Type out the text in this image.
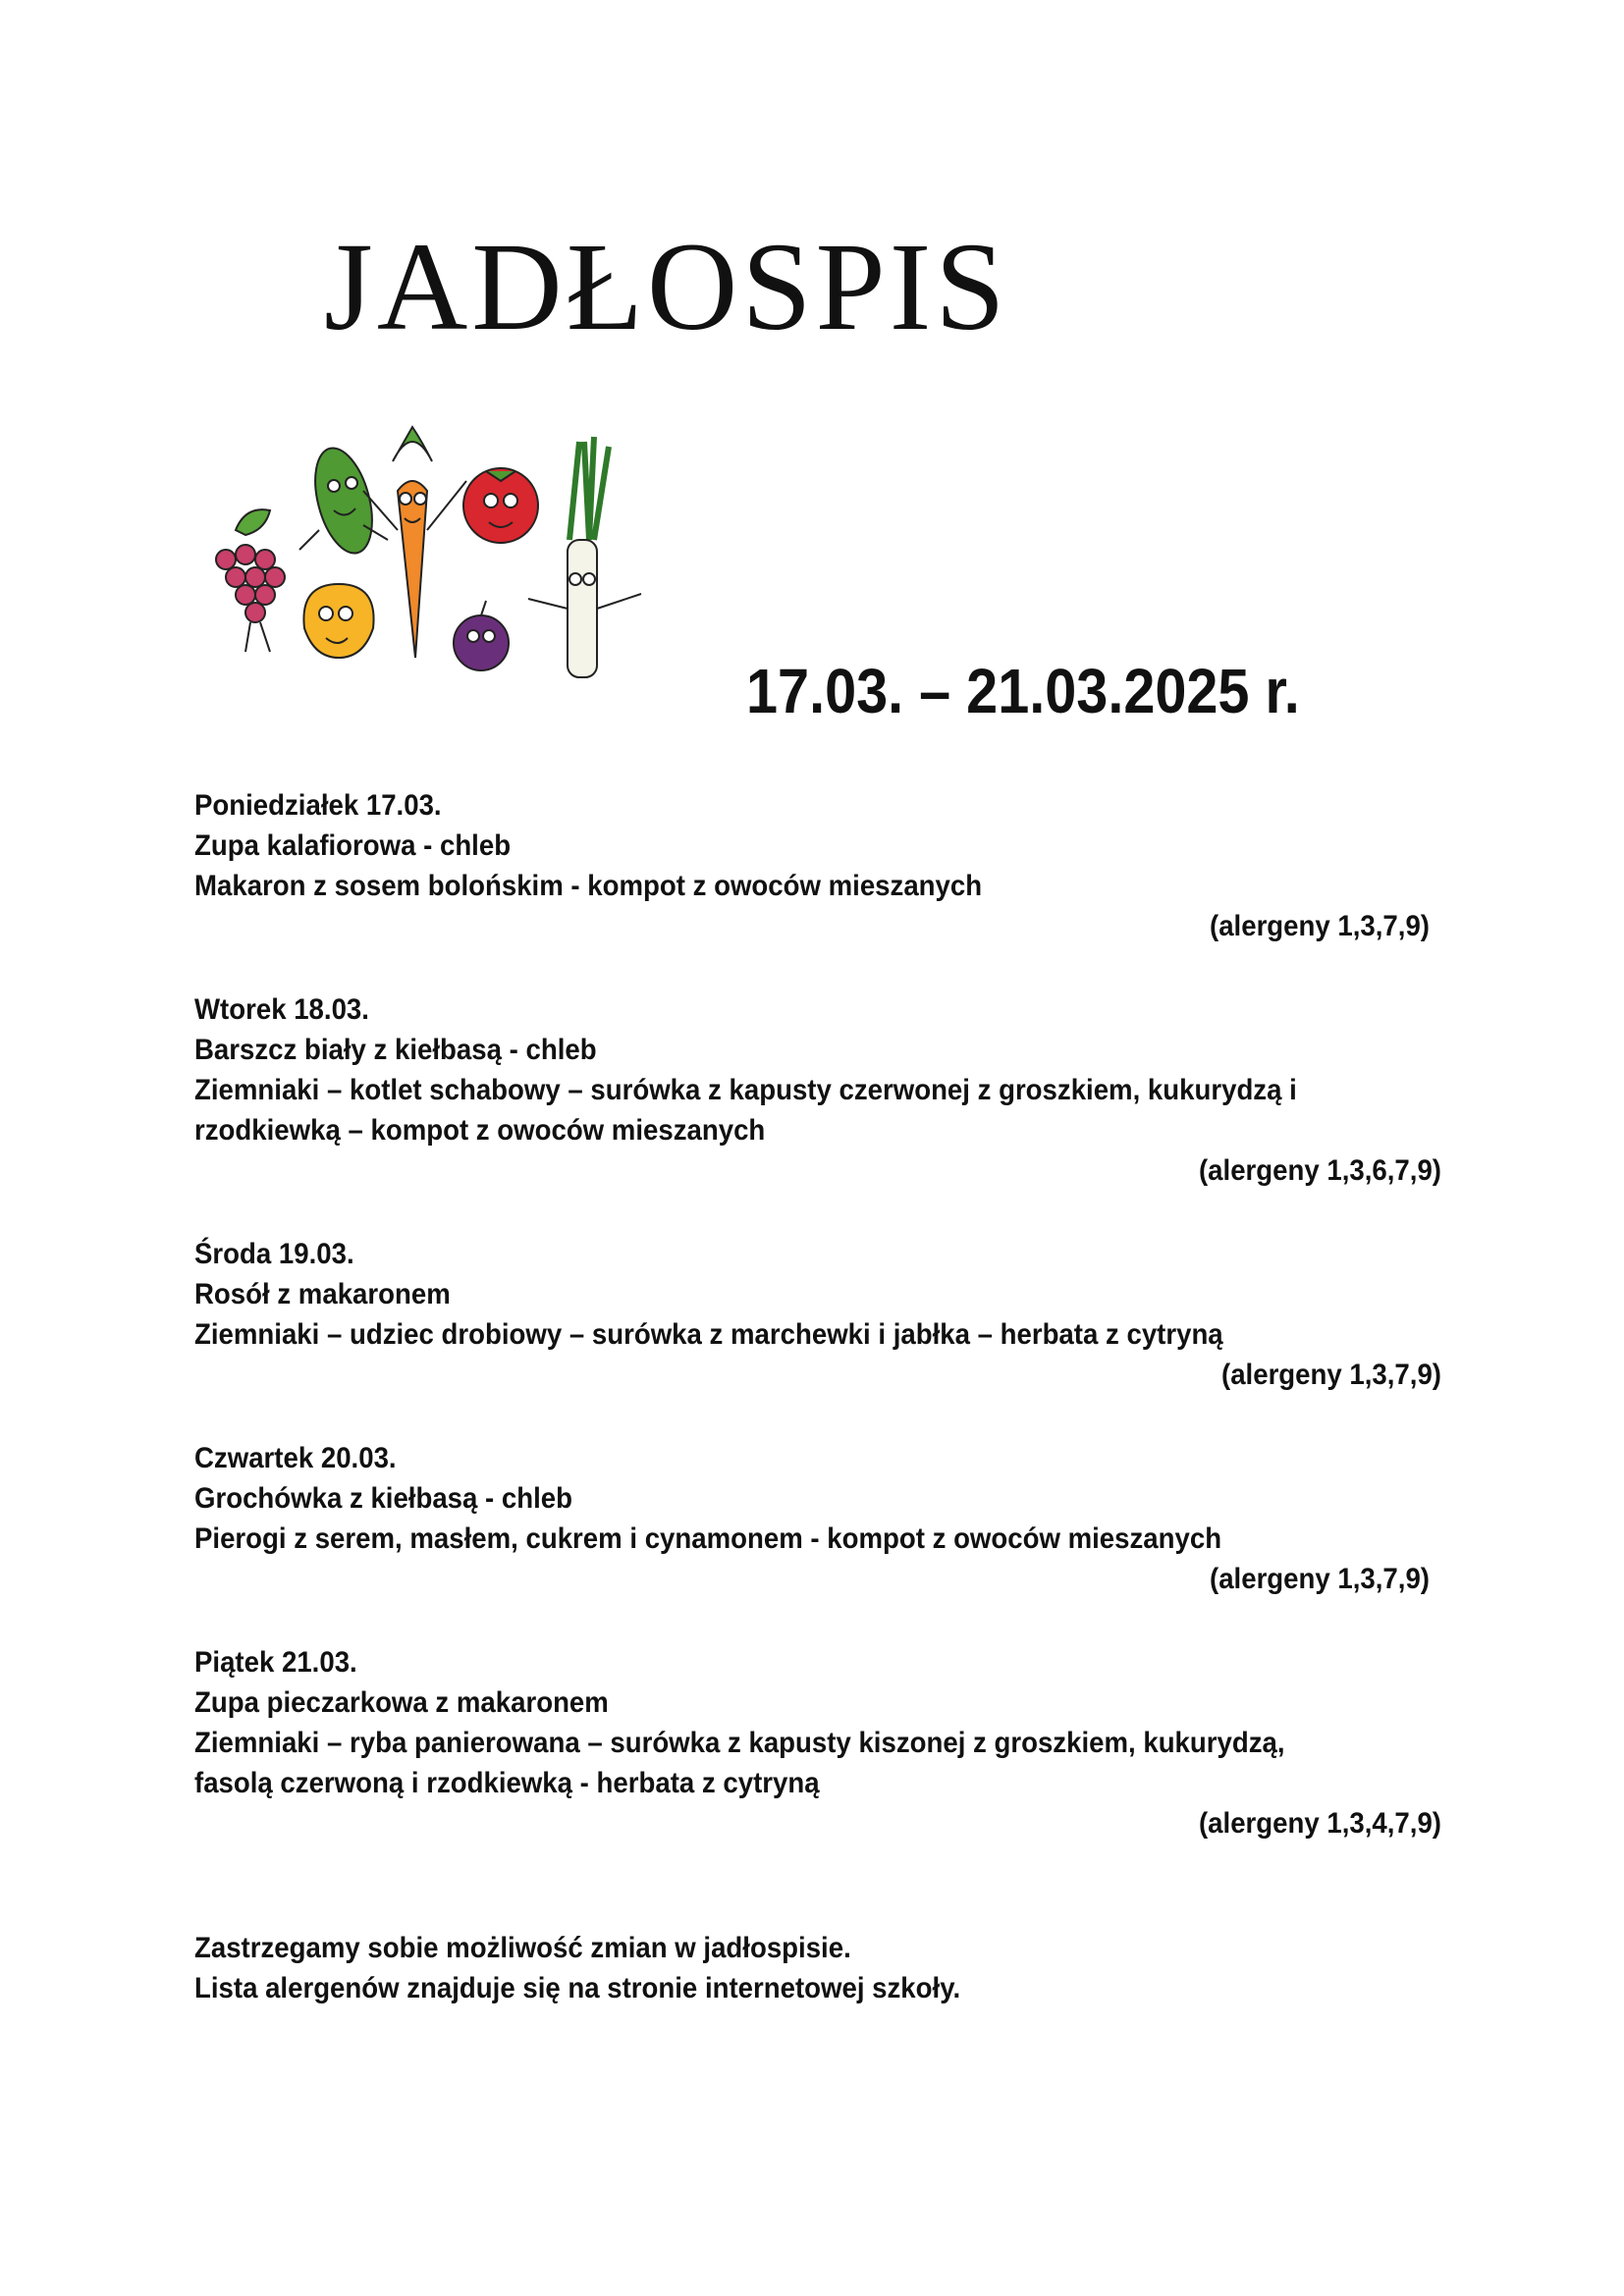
JADŁOSPIS
17.03. – 21.03.2025 r.
Poniedziałek 17.03.
Zupa kalafiorowa - chleb
Makaron z sosem bolońskim - kompot z owoców mieszanych
(alergeny 1,3,7,9)
Wtorek 18.03.
Barszcz biały z kiełbasą - chleb
Ziemniaki – kotlet schabowy – surówka z kapusty czerwonej z groszkiem, kukurydzą i
rzodkiewką – kompot z owoców mieszanych
(alergeny 1,3,6,7,9)
Środa 19.03.
Rosół z makaronem
Ziemniaki – udziec drobiowy – surówka z marchewki i jabłka – herbata z cytryną
(alergeny 1,3,7,9)
Czwartek 20.03.
Grochówka z kiełbasą - chleb
Pierogi z serem, masłem, cukrem i cynamonem - kompot z owoców mieszanych
(alergeny 1,3,7,9)
Piątek 21.03.
Zupa pieczarkowa z makaronem
Ziemniaki – ryba panierowana – surówka z kapusty kiszonej z groszkiem, kukurydzą,
fasolą czerwoną i rzodkiewką - herbata z cytryną
(alergeny 1,3,4,7,9)
Zastrzegamy sobie możliwość zmian w jadłospisie.
Lista alergenów znajduje się na stronie internetowej szkoły.
